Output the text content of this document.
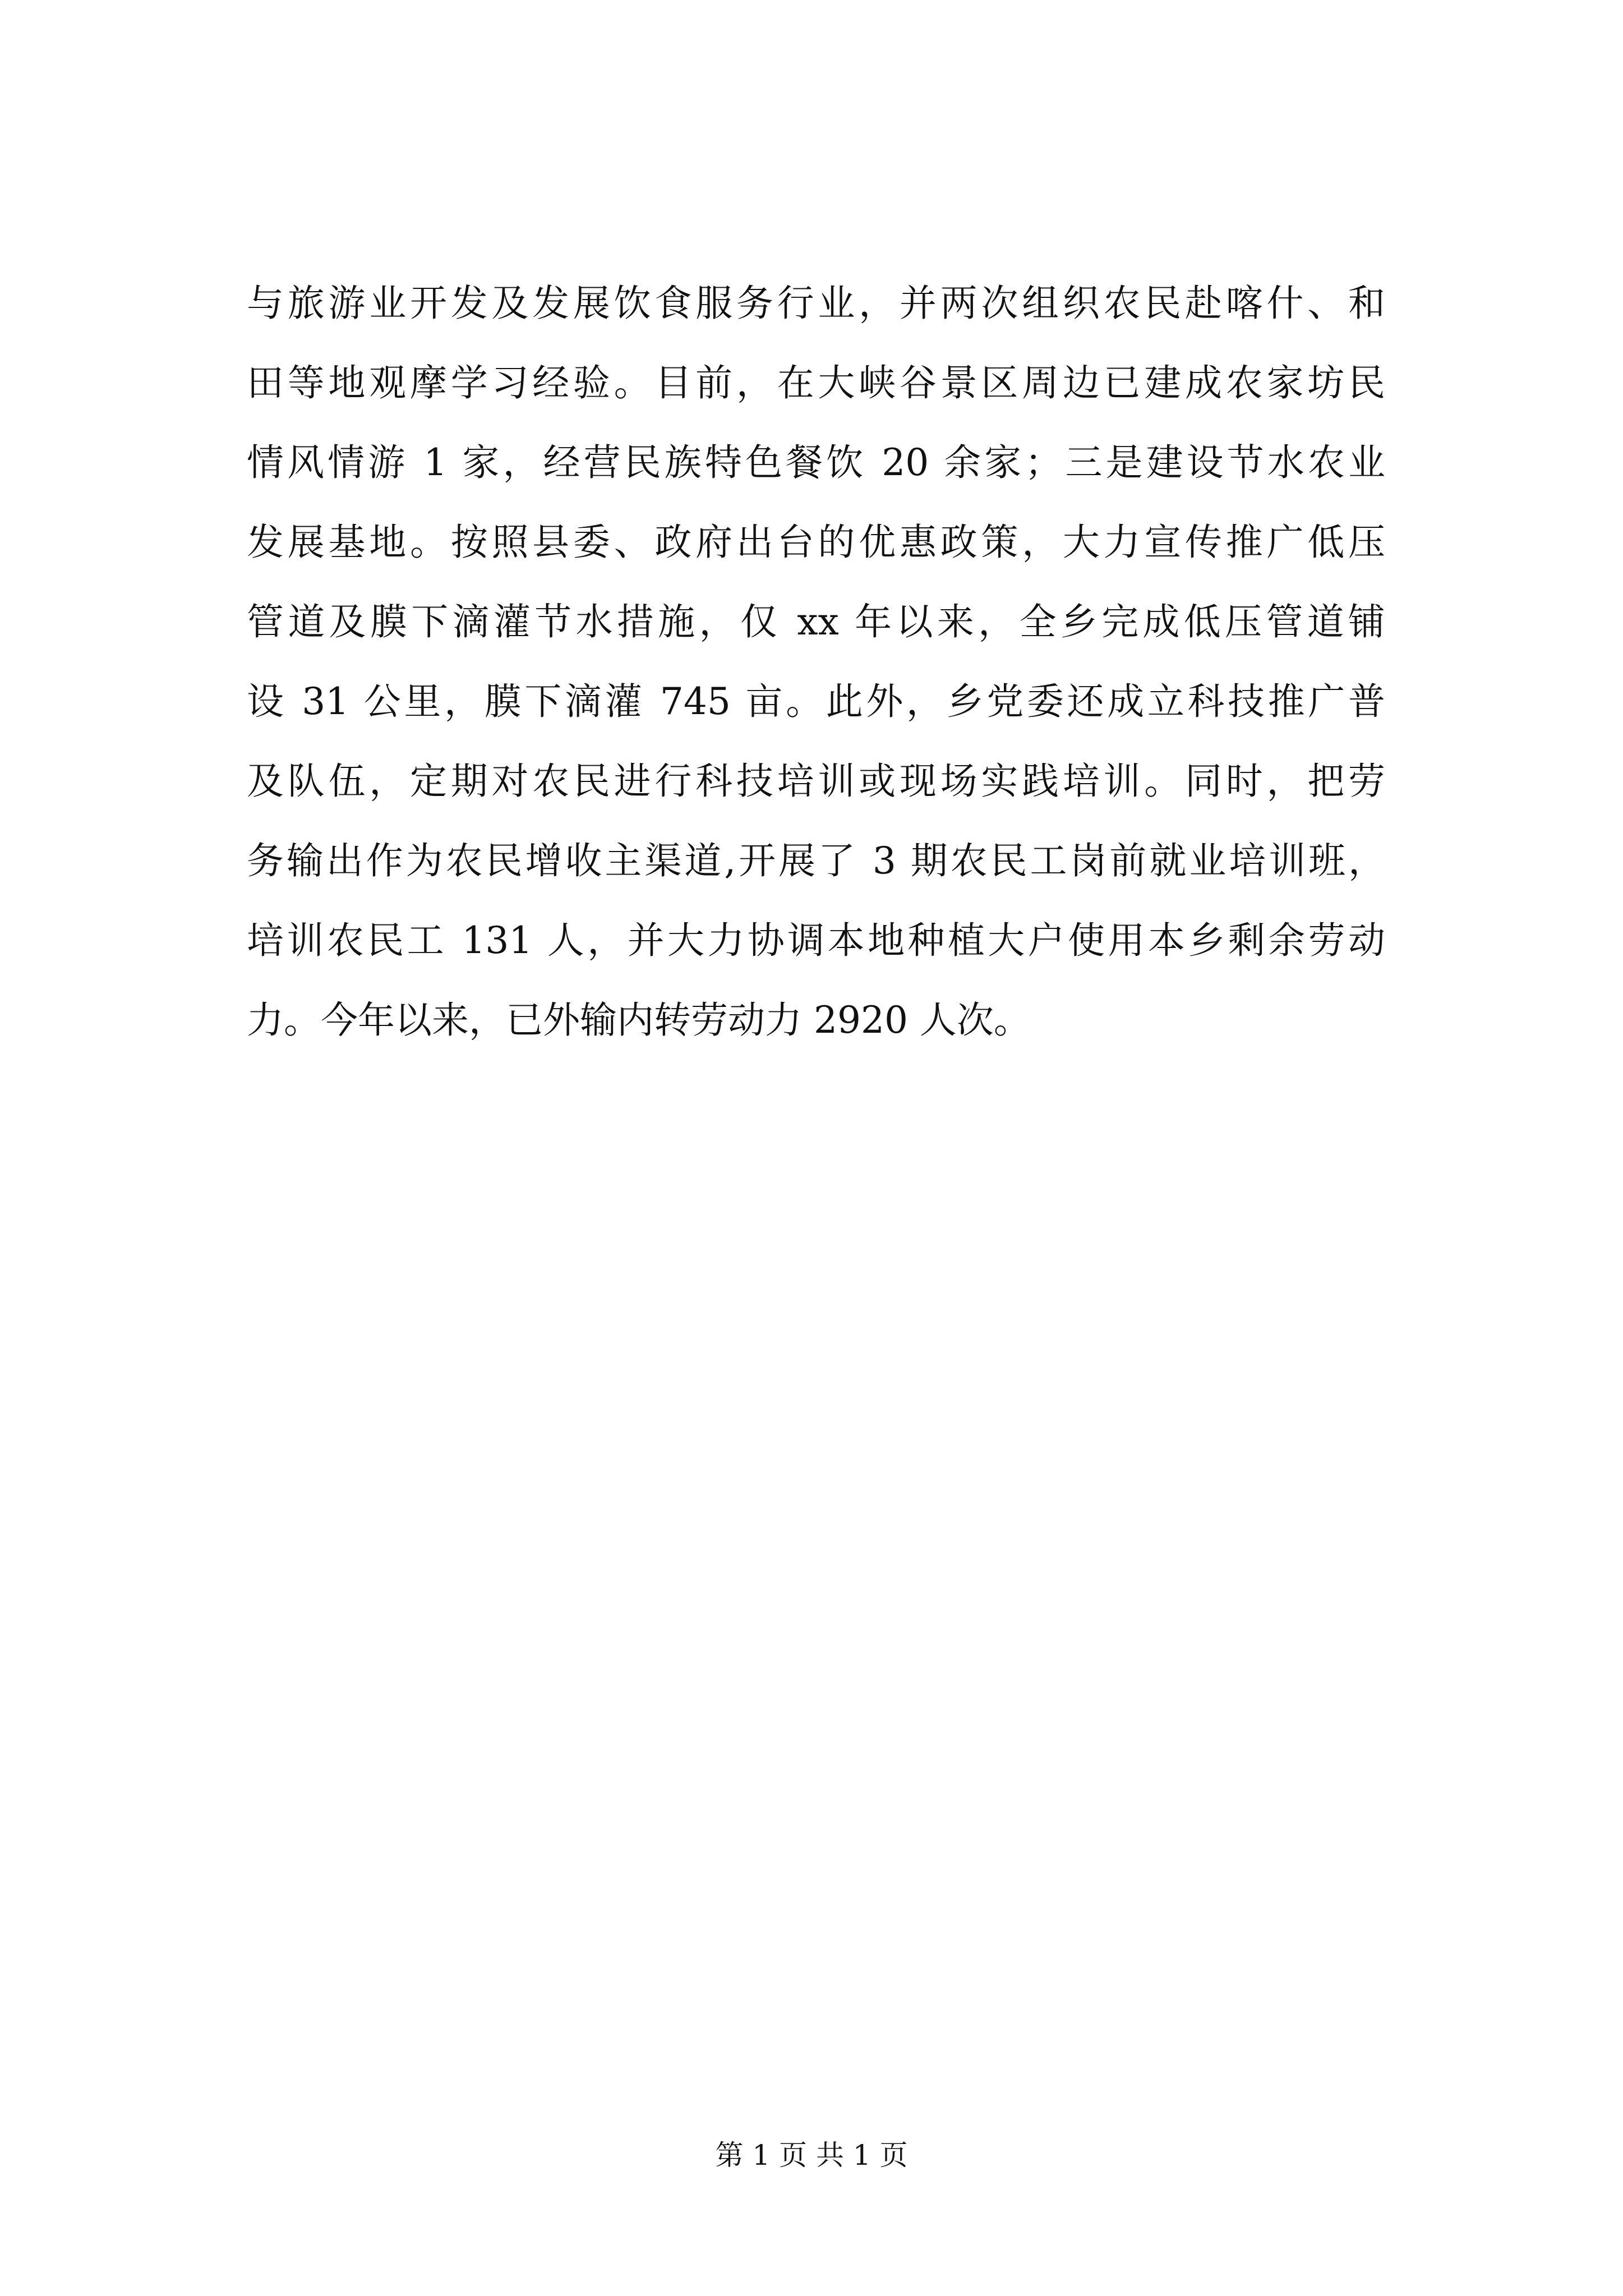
与旅游业开发及发展饮食服务行业，并两次组织农民赴喀什、和
田等地观摩学习经验。目前，在大峡谷景区周边已建成农家坊民
情风情游 1 家，经营民族特色餐饮 20 余家；三是建设节水农业
发展基地。按照县委、政府出台的优惠政策，大力宣传推广低压
管道及膜下滴灌节水措施，仅 xx 年以来，全乡完成低压管道铺
设 31 公里，膜下滴灌 745 亩。此外，乡党委还成立科技推广普
及队伍，定期对农民进行科技培训或现场实践培训。同时，把劳
务输出作为农民增收主渠道,开展了 3 期农民工岗前就业培训班，
培训农民工 131 人，并大力协调本地种植大户使用本乡剩余劳动
力。今年以来，已外输内转劳动力 2920 人次。
第 1 页 共 1 页
